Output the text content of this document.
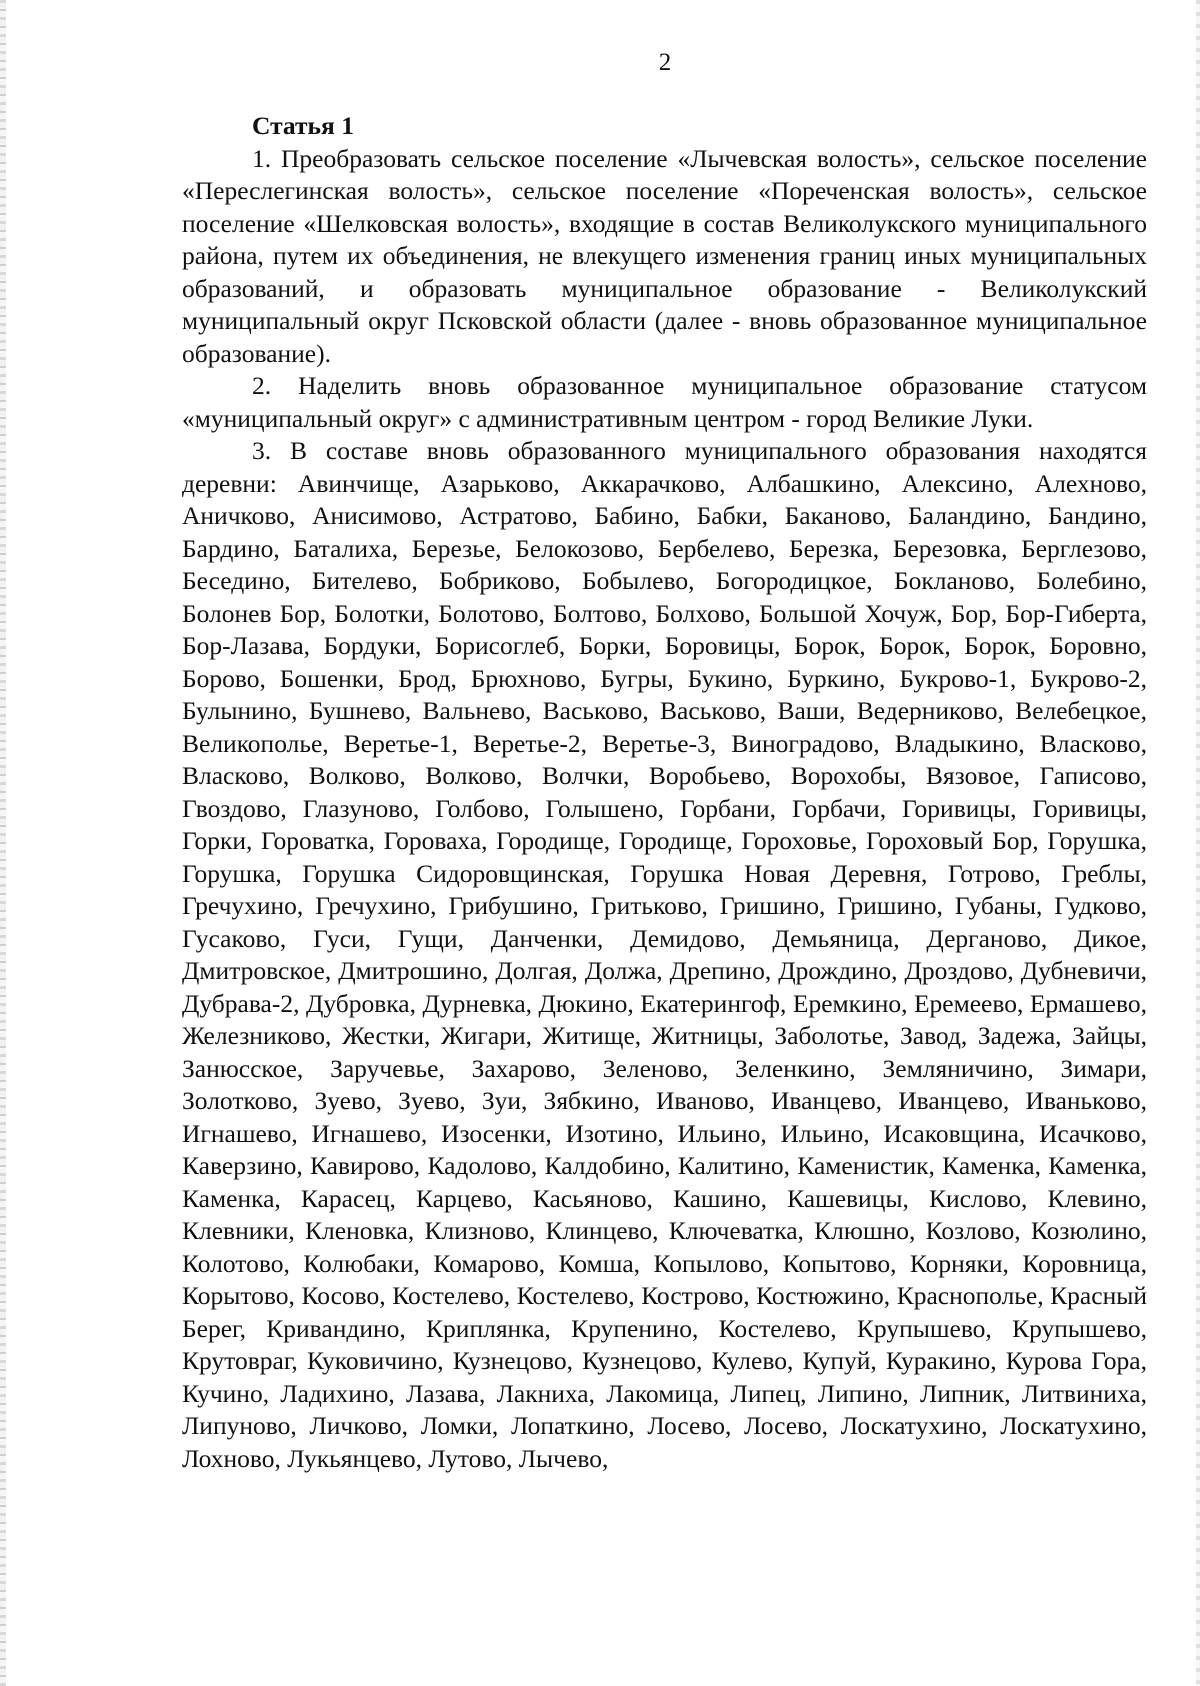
2

Статья 1

1. Преобразовать сельское поселение «Лычевская волость», сельское поселение «Переслегинская волость», сельское поселение «Пореченская волость», сельское поселение «Шелковская волость», входящие в состав Великолукского муниципального района, путем их объединения, не влекущего изменения границ иных муниципальных образований, и образовать муниципальное образование - Великолукский муниципальный округ Псковской области (далее - вновь образованное муниципальное образование).

2. Наделить вновь образованное муниципальное образование статусом «муниципальный округ» с административным центром - город Великие Луки.

3. В составе вновь образованного муниципального образования находятся деревни: Авинчище, Азарьково, Аккарачково, Албашкино, Алексино, Алехново, Аничково, Анисимово, Астратово, Бабино, Бабки, Баканово, Баландино, Бандино, Бардино, Баталиха, Березье, Белокозово, Бербелево, Березка, Березовка, Берглезово, Беседино, Бителево, Бобриково, Бобылево, Богородицкое, Бокланово, Болебино, Болонев Бор, Болотки, Болотово, Болтово, Болхово, Большой Хочуж, Бор, Бор-Гиберта, Бор-Лазава, Бордуки, Борисоглеб, Борки, Боровицы, Борок, Борок, Борок, Боровно, Борово, Бошенки, Брод, Брюхново, Бугры, Букино, Буркино, Букрово-1, Букрово-2, Булынино, Бушнево, Вальнево, Васьково, Васьково, Ваши, Ведерниково, Велебецкое, Великополье, Веретье-1, Веретье-2, Веретье-3, Виноградово, Владыкино, Власково, Власково, Волково, Волково, Волчки, Воробьево, Ворохобы, Вязовое, Гаписово, Гвоздово, Глазуново, Голбово, Голышено, Горбани, Горбачи, Горивицы, Горивицы, Горки, Гороватка, Гороваха, Городище, Городище, Гороховье, Гороховый Бор, Горушка, Горушка, Горушка Сидоровщинская, Горушка Новая Деревня, Готрово, Греблы, Гречухино, Гречухино, Грибушино, Гритьково, Гришино, Гришино, Губаны, Гудково, Гусаково, Гуси, Гущи, Данченки, Демидово, Демьяница, Дерганово, Дикое, Дмитровское, Дмитрошино, Долгая, Должа, Дрепино, Дрождино, Дроздово, Дубневичи, Дубрава-2, Дубровка, Дурневка, Дюкино, Екатерингоф, Еремкино, Еремеево, Ермашево, Железниково, Жестки, Жигари, Житище, Житницы, Заболотье, Завод, Задежа, Зайцы, Занюсское, Заручевье, Захарово, Зеленово, Зеленкино, Земляничино, Зимари, Золотково, Зуево, Зуево, Зуи, Зябкино, Иваново, Иванцево, Иванцево, Иваньково, Игнашево, Игнашево, Изосенки, Изотино, Ильино, Ильино, Исаковщина, Исачково, Каверзино, Кавирово, Кадолово, Калдобино, Калитино, Каменистик, Каменка, Каменка, Каменка, Карасец, Карцево, Касьяново, Кашино, Кашевицы, Кислово, Клевино, Клевники, Кленовка, Клизново, Клинцево, Ключеватка, Клюшно, Козлово, Козюлино, Колотово, Колюбаки, Комарово, Комша, Копылово, Копытово, Корняки, Коровница, Корытово, Косово, Костелево, Костелево, Кострово, Костюжино, Краснополье, Красный Берег, Кривандино, Криплянка, Крупенино, Костелево, Крупышево, Крупышево, Крутовраг, Куковичино, Кузнецово, Кузнецово, Кулево, Купуй, Куракино, Курова Гора, Кучино, Ладихино, Лазава, Лакниха, Лакомица, Липец, Липино, Липник, Литвиниха, Липуново, Личково, Ломки, Лопаткино, Лосево, Лосево, Лоскатухино, Лоскатухино, Лохново, Лукьянцево, Лутово, Лычево,
